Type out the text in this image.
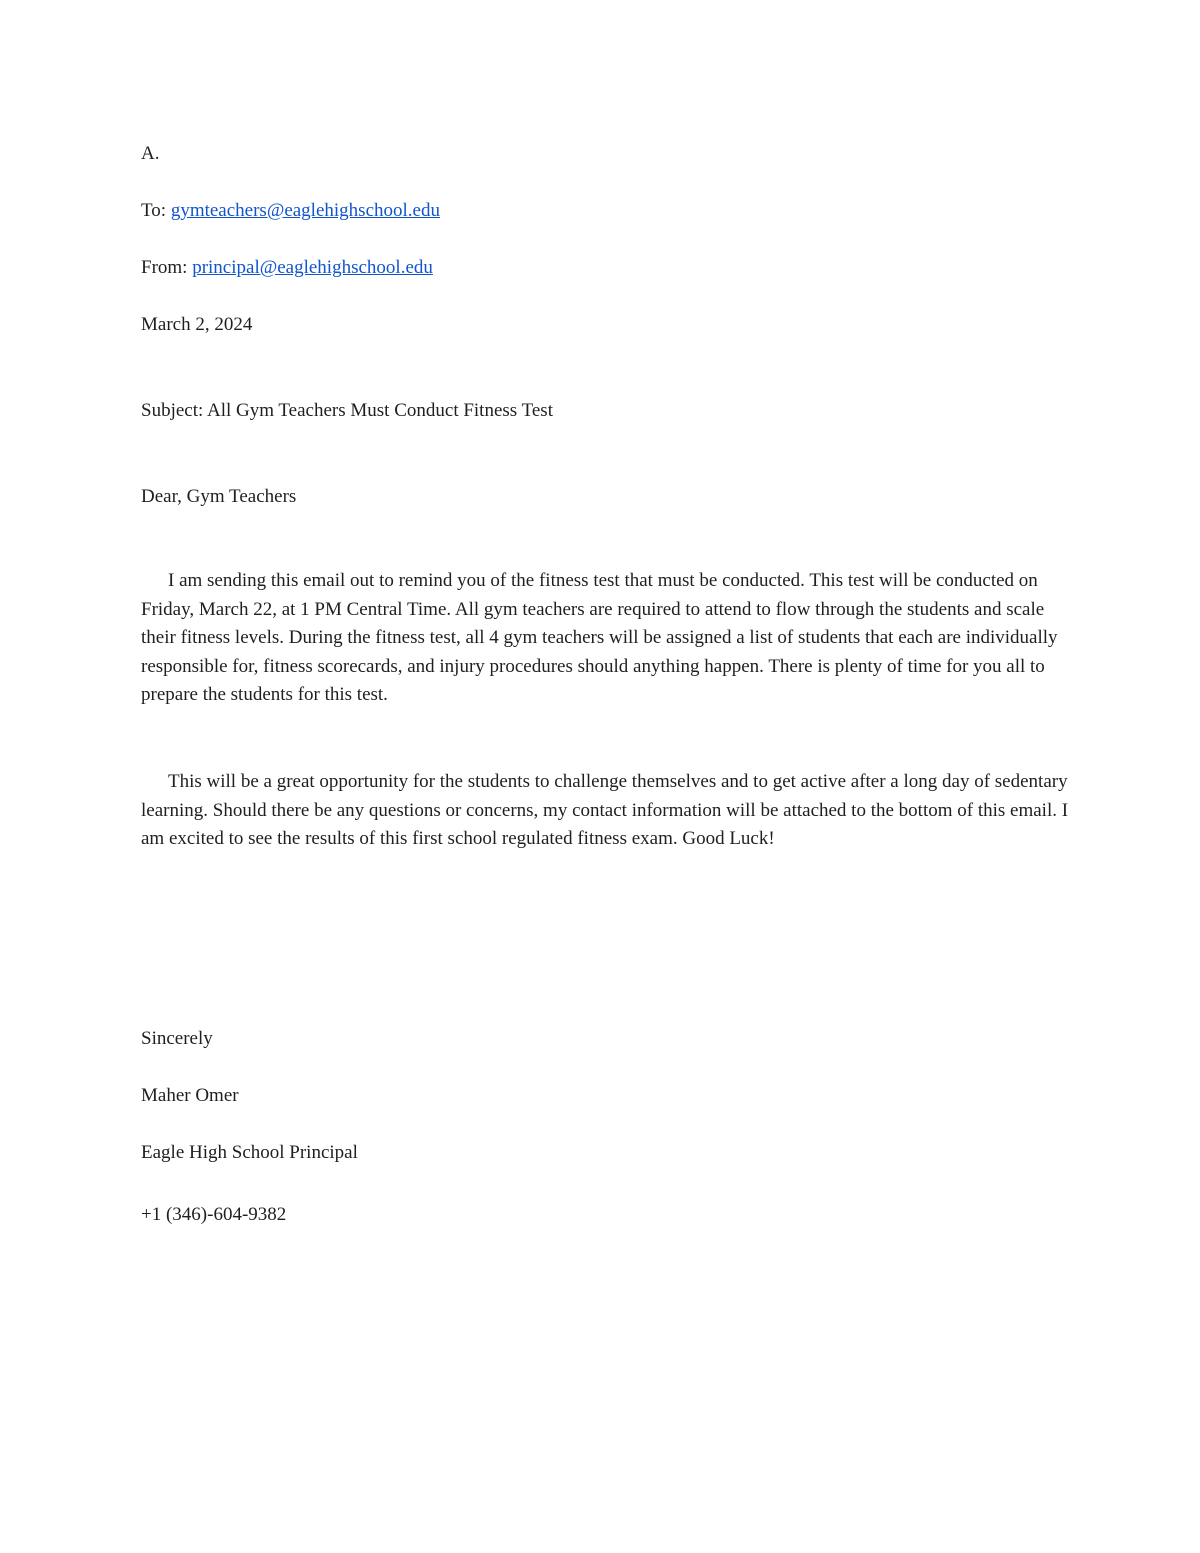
A.
To: gymteachers@eaglehighschool.edu
From: principal@eaglehighschool.edu
March 2, 2024
Subject: All Gym Teachers Must Conduct Fitness Test
Dear, Gym Teachers
I am sending this email out to remind you of the fitness test that must be conducted. This test will be conducted on Friday, March 22, at 1 PM Central Time. All gym teachers are required to attend to flow through the students and scale their fitness levels. During the fitness test, all 4 gym teachers will be assigned a list of students that each are individually responsible for, fitness scorecards, and injury procedures should anything happen. There is plenty of time for you all to prepare the students for this test.
This will be a great opportunity for the students to challenge themselves and to get active after a long day of sedentary learning. Should there be any questions or concerns, my contact information will be attached to the bottom of this email. I am excited to see the results of this first school regulated fitness exam. Good Luck!
Sincerely
Maher Omer
Eagle High School Principal
+1 (346)-604-9382
